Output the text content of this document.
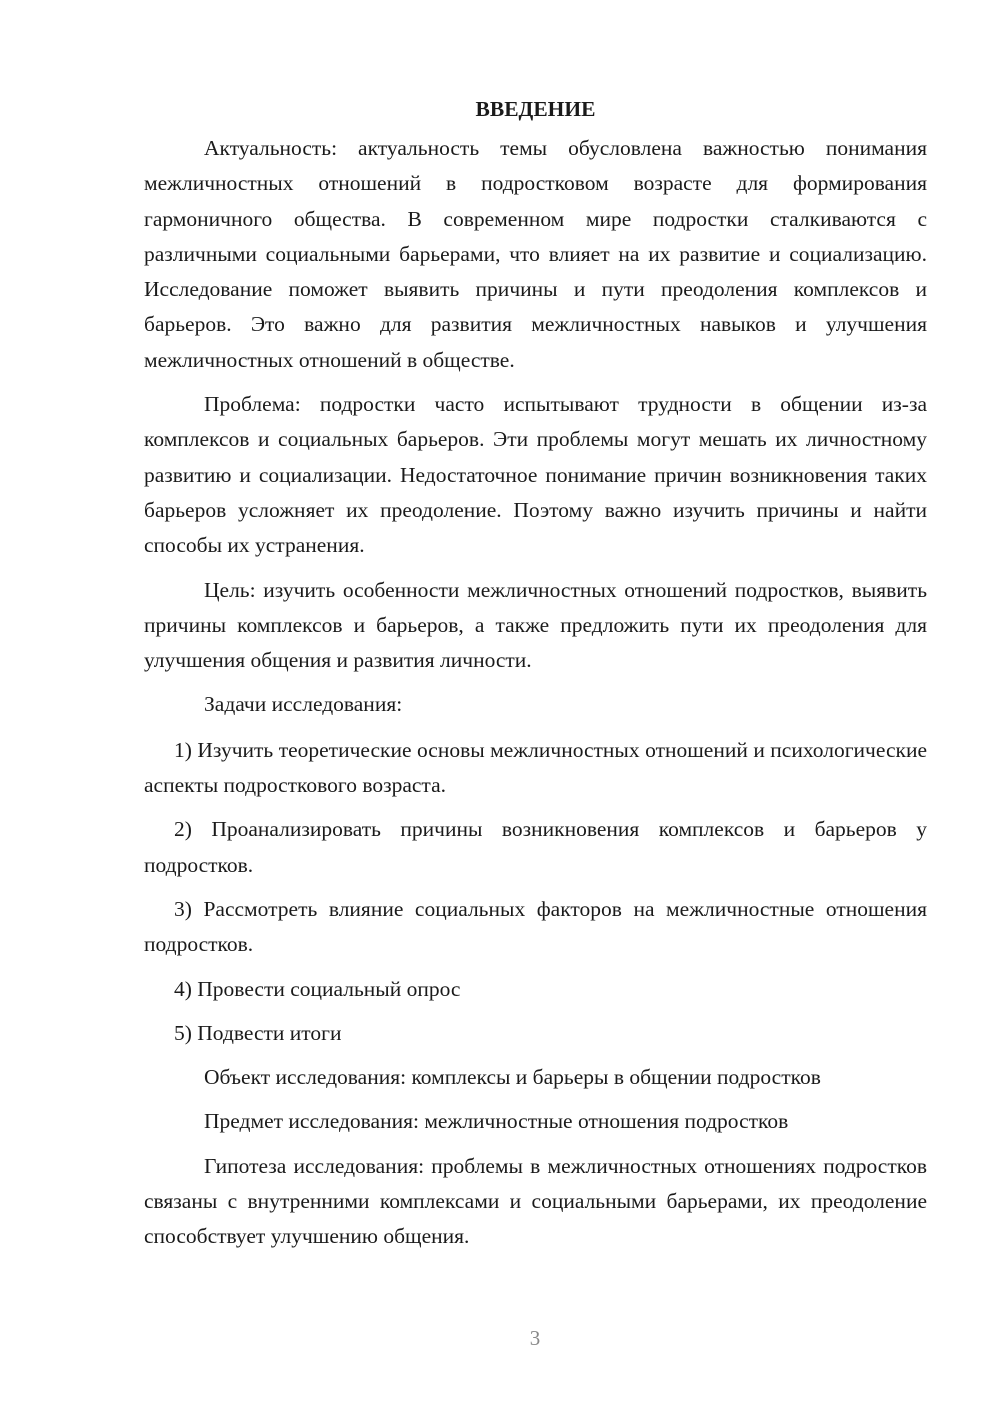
ВВЕДЕНИЕ

Актуальность: актуальность темы обусловлена важностью понимания межличностных отношений в подростковом возрасте для формирования гармоничного общества. В современном мире подростки сталкиваются с различными социальными барьерами, что влияет на их развитие и социализацию. Исследование поможет выявить причины и пути преодоления комплексов и барьеров. Это важно для развития межличностных навыков и улучшения межличностных отношений в обществе.

Проблема: подростки часто испытывают трудности в общении из-за комплексов и социальных барьеров. Эти проблемы могут мешать их личностному развитию и социализации. Недостаточное понимание причин возникновения таких барьеров усложняет их преодоление. Поэтому важно изучить причины и найти способы их устранения.

Цель: изучить особенности межличностных отношений подростков, выявить причины комплексов и барьеров, а также предложить пути их преодоления для улучшения общения и развития личности.

Задачи исследования:

1) Изучить теоретические основы межличностных отношений и психологические аспекты подросткового возраста.

2) Проанализировать причины возникновения комплексов и барьеров у подростков.

3) Рассмотреть влияние социальных факторов на межличностные отношения подростков.

4) Провести социальный опрос

5) Подвести итоги

Объект исследования: комплексы и барьеры в общении подростков

Предмет исследования: межличностные отношения подростков

Гипотеза исследования: проблемы в межличностных отношениях подростков связаны с внутренними комплексами и социальными барьерами, их преодоление способствует улучшению общения.

3
